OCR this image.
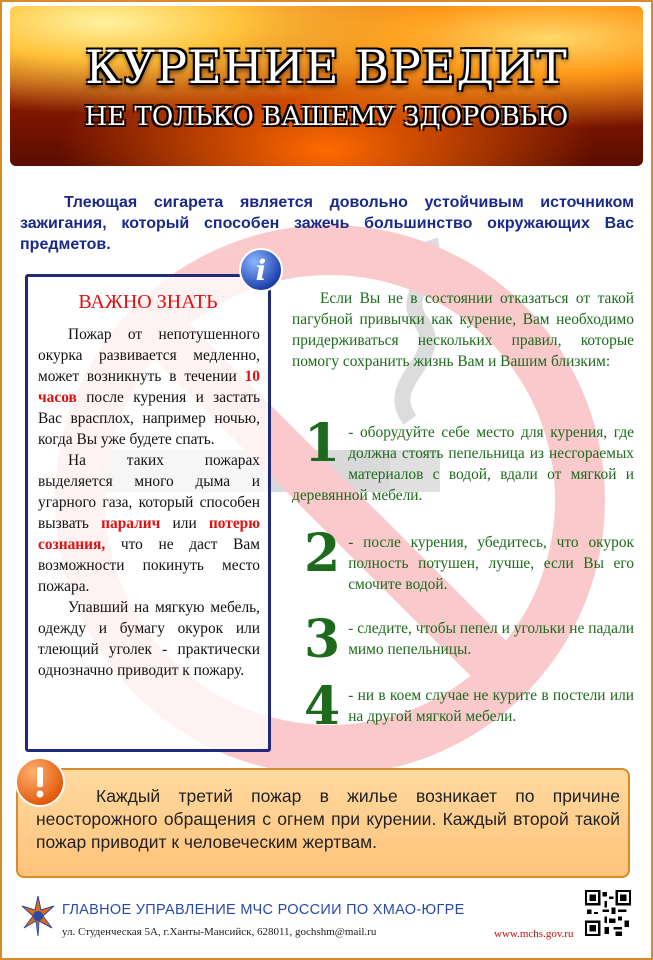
КУРЕНИЕ ВРЕДИТ
НЕ ТОЛЬКО ВАШЕМУ ЗДОРОВЬЮ
Тлеющая сигарета является довольно устойчивым источником зажигания, который способен зажечь большинство окружающих Вас предметов.
ВАЖНО ЗНАТЬ

Пожар от непотушенного окурка развивается медленно, может возникнуть в течении 10 часов после курения и застать Вас врасплох, например ночью, когда Вы уже будете спать.

На таких пожарах выделяется много дыма и угарного газа, который способен вызвать паралич или потерю сознания, что не даст Вам возможности покинуть место пожара.

Упавший на мягкую мебель, одежду и бумагу окурок или тлеющий уголек - практически однозначно приводит к пожару.

i

Если Вы не в состоянии отказаться от такой пагубной привычки как курение, Вам необходимо придерживаться нескольких правил, которые помогу сохранить жизнь Вам и Вашим близким:

1 - оборудуйте себе место для курения, где должна стоять пепельница из несгораемых материалов с водой, вдали от мягкой и деревянной мебели.
2 - после курения, убедитесь, что окурок полность потушен, лучше, если Вы его смочите водой.
3 - следите, чтобы пепел и угольки не падали мимо пепельницы.
4 - ни в коем случае не курите в постели или на другой мягкой мебели.
Каждый третий пожар в жилье возникает по причине неосторожного обращения с огнем при курении. Каждый второй такой пожар приводит к человеческим жертвам.
ГЛАВНОЕ УПРАВЛЕНИЕ МЧС РОССИИ ПО ХМАО-ЮГРЕ
ул. Студенческая 5А, г.Ханты-Мансийск, 628011, gochshm@mail.ru	www.mchs.gov.ru
